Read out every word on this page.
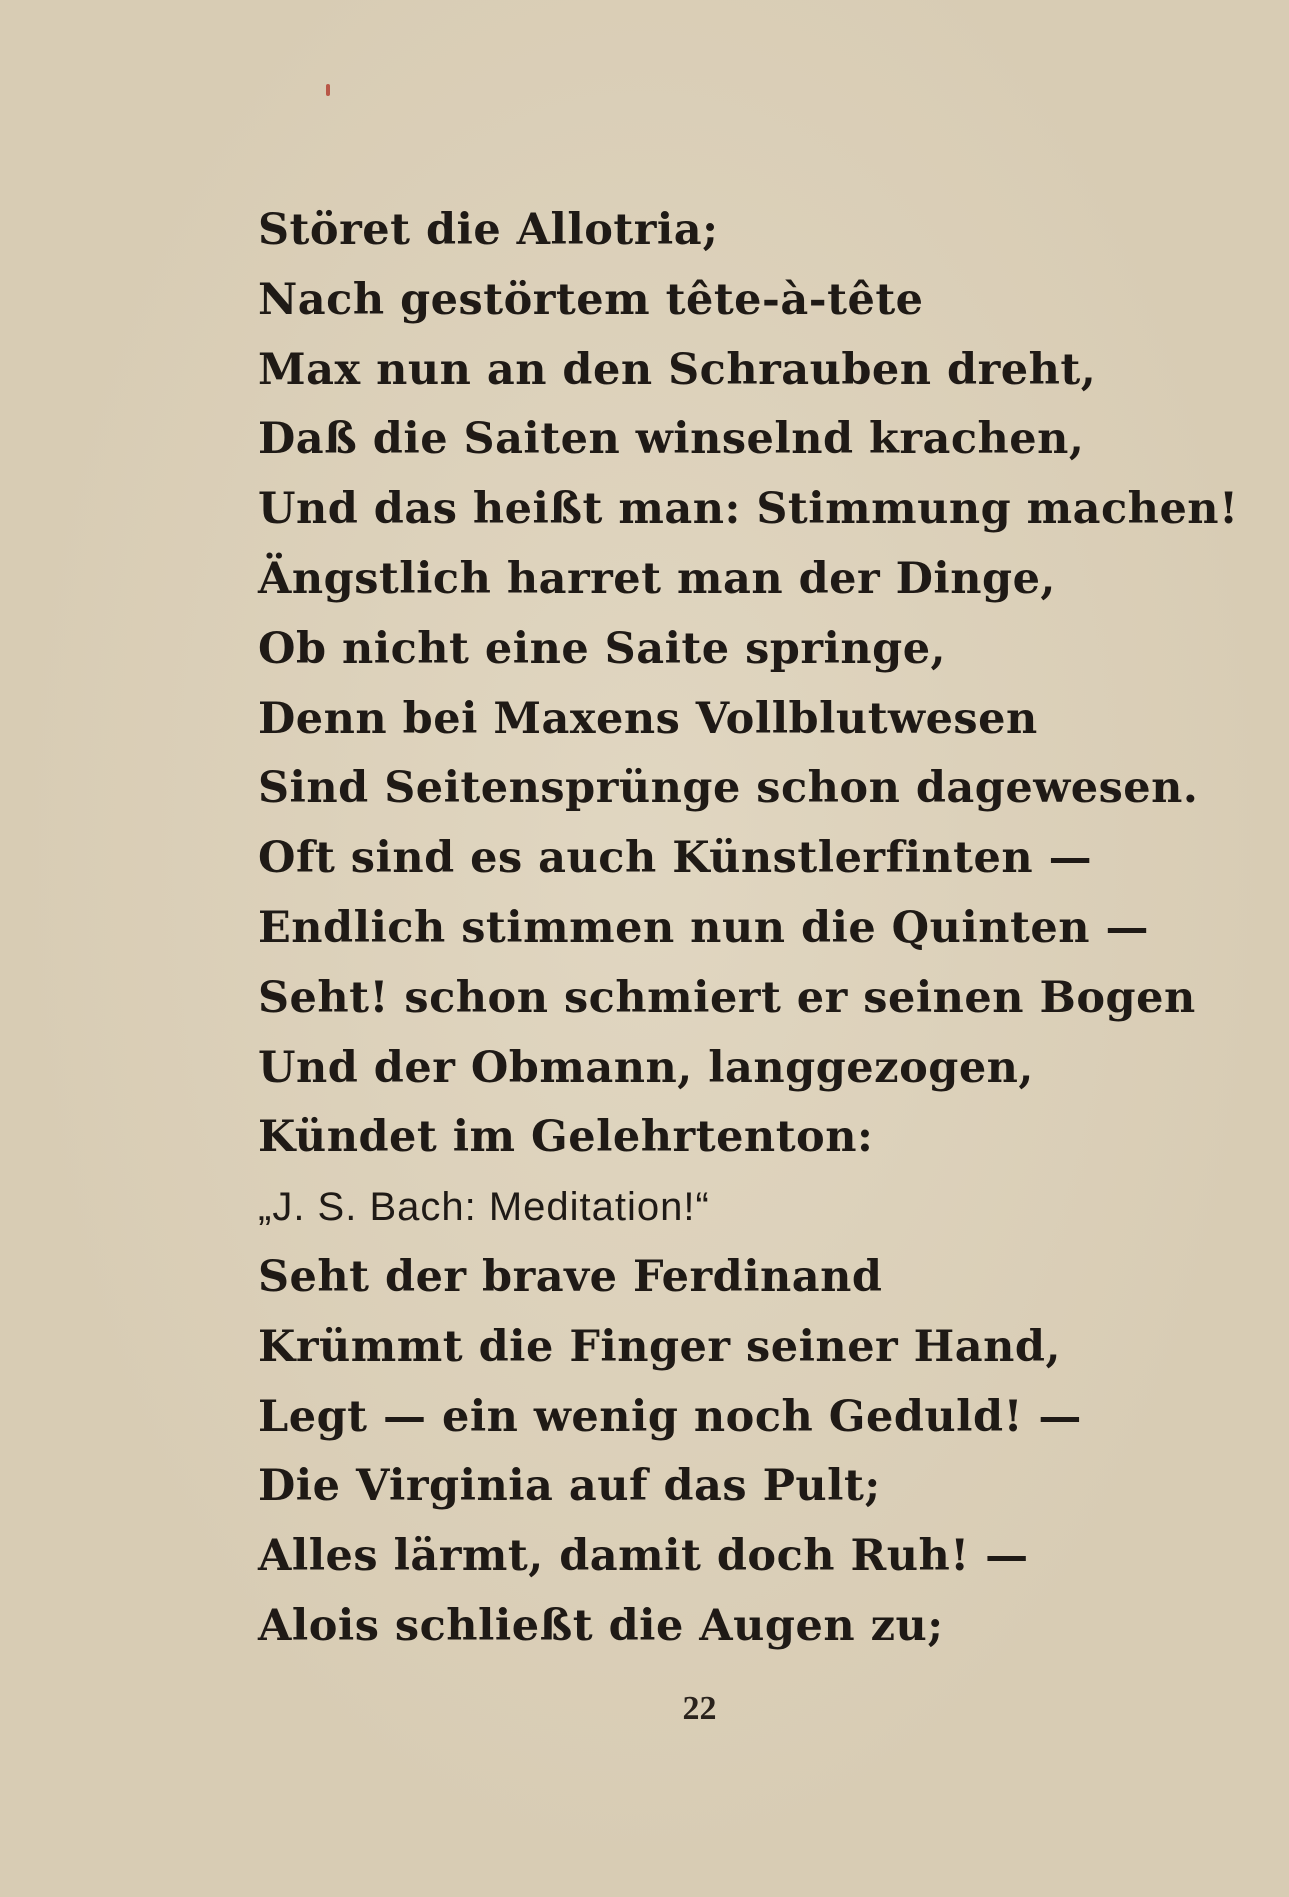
Störet die Allotria;
Nach gestörtem tête-à-tête
Max nun an den Schrauben dreht,
Daß die Saiten winselnd krachen,
Und das heißt man: Stimmung machen!
Ängstlich harret man der Dinge,
Ob nicht eine Saite springe,
Denn bei Maxens Vollblutwesen
Sind Seitensprünge schon dagewesen.
Oft sind es auch Künstlerfinten —
Endlich stimmen nun die Quinten —
Seht! schon schmiert er seinen Bogen
Und der Obmann, langgezogen,
Kündet im Gelehrtenton:
„J. S. Bach: Meditation!“
Seht der brave Ferdinand
Krümmt die Finger seiner Hand,
Legt — ein wenig noch Geduld! —
Die Virginia auf das Pult;
Alles lärmt, damit doch Ruh! —
Alois schließt die Augen zu;
22
